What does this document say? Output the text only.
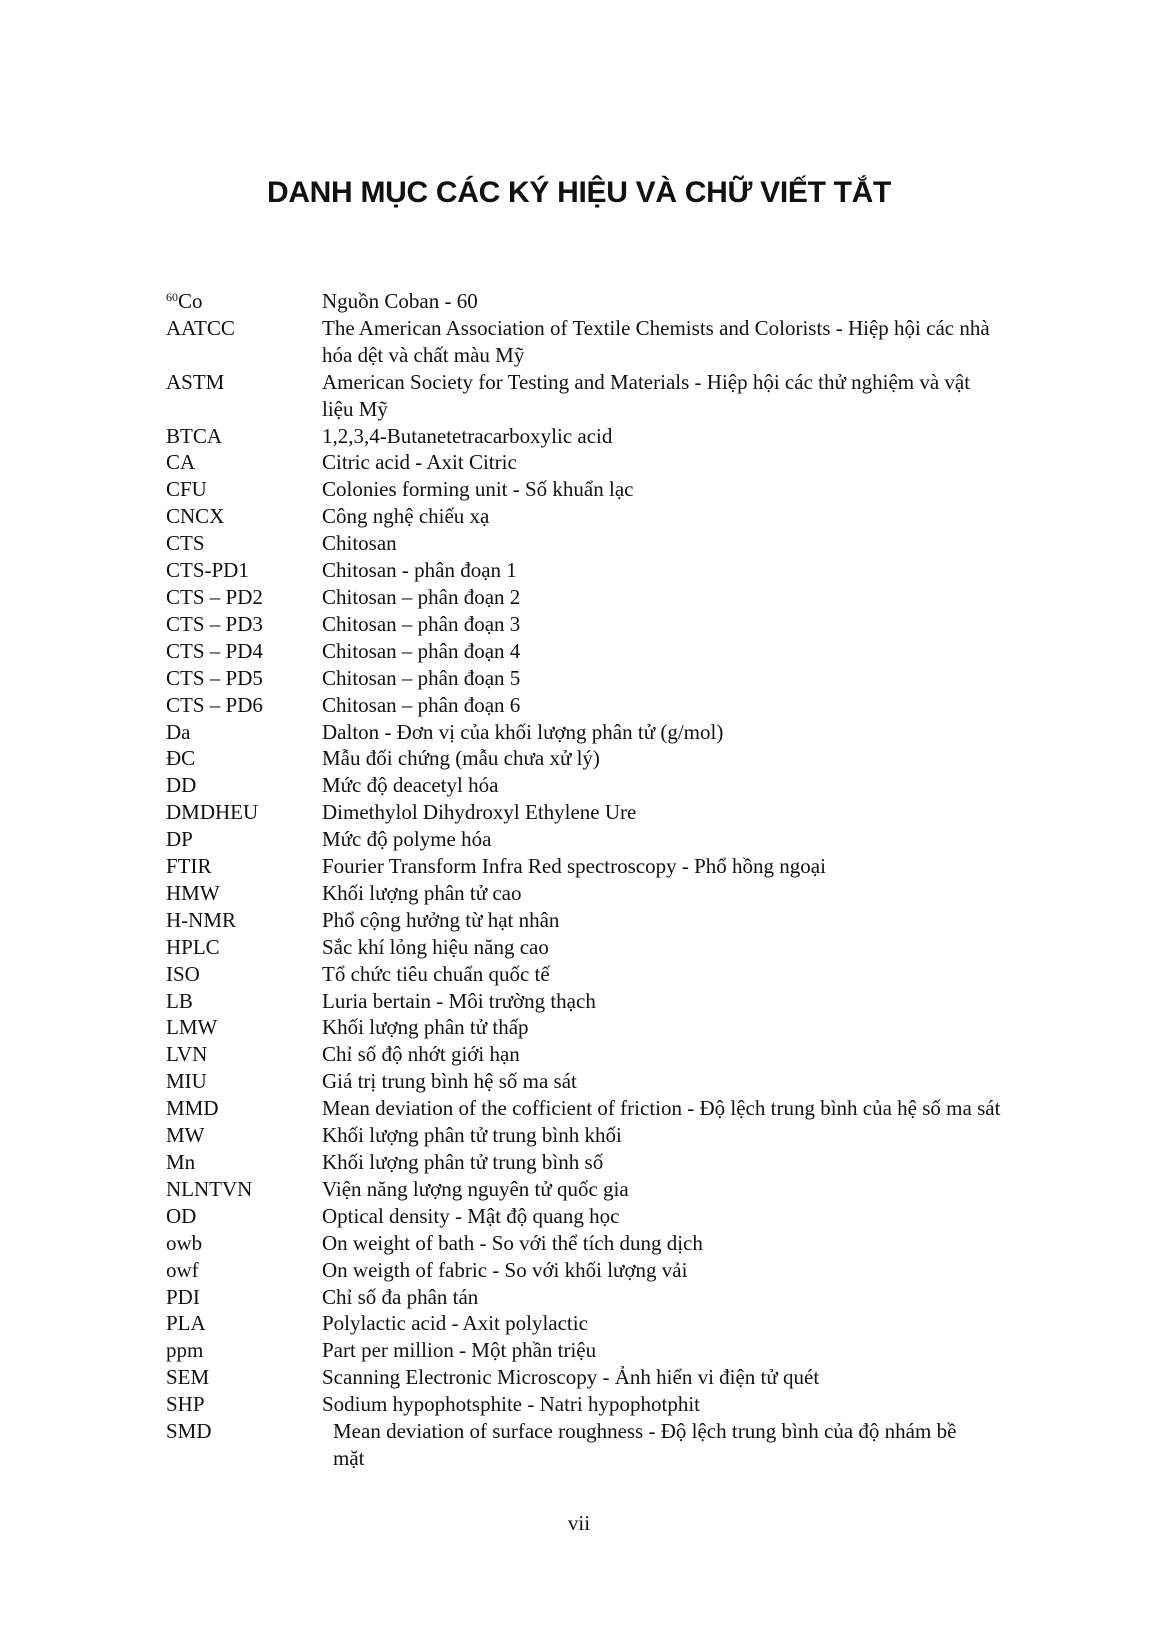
DANH MỤC CÁC KÝ HIỆU VÀ CHỮ VIẾT TẮT
$^{60}$Co	Nguồn Coban - 60
AATCC	The American Association of Textile Chemists and Colorists - Hiệp hội các nhà hóa dệt và chất màu Mỹ
ASTM	American Society for Testing and Materials - Hiệp hội các thử nghiệm và vật liệu Mỹ
BTCA	1,2,3,4-Butanetetracarboxylic acid
CA	Citric acid - Axit Citric
CFU	Colonies forming unit - Số khuẩn lạc
CNCX	Công nghệ chiếu xạ
CTS	Chitosan
CTS-PD1	Chitosan - phân đoạn 1
CTS – PD2	Chitosan – phân đoạn 2
CTS – PD3	Chitosan – phân đoạn 3
CTS – PD4	Chitosan – phân đoạn 4
CTS – PD5	Chitosan – phân đoạn 5
CTS – PD6	Chitosan – phân đoạn 6
Da	Dalton - Đơn vị của khối lượng phân tử (g/mol)
ĐC	Mẫu đối chứng (mẫu chưa xử lý)
DD	Mức độ deacetyl hóa
DMDHEU	Dimethylol Dihydroxyl Ethylene Ure
DP	Mức độ polyme hóa
FTIR	Fourier Transform Infra Red spectroscopy - Phổ hồng ngoại
HMW	Khối lượng phân tử cao
H-NMR	Phổ cộng hưởng từ hạt nhân
HPLC	Sắc khí lỏng hiệu năng cao
ISO	Tổ chức tiêu chuẩn quốc tế
LB	Luria bertain - Môi trường thạch
LMW	Khối lượng phân tử thấp
LVN	Chỉ số độ nhớt giới hạn
MIU	Giá trị trung bình hệ số ma sát
MMD	Mean deviation of the cofficient of friction - Độ lệch trung bình của hệ số ma sát
MW	Khối lượng phân tử trung bình khối
Mn	Khối lượng phân tử trung bình số
NLNTVN	Viện năng lượng nguyên tử quốc gia
OD	Optical density - Mật độ quang học
owb	On weight of bath - So với thể tích dung dịch
owf	On weigth of fabric - So với khối lượng vải
PDI	Chỉ số đa phân tán
PLA	Polylactic acid - Axit polylactic
ppm	Part per million - Một phần triệu
SEM	Scanning Electronic Microscopy - Ảnh hiển vi điện tử quét
SHP	Sodium hypophotsphite - Natri hypophotphit
SMD	Mean deviation of surface roughness - Độ lệch trung bình của độ nhám bề mặt
vii
